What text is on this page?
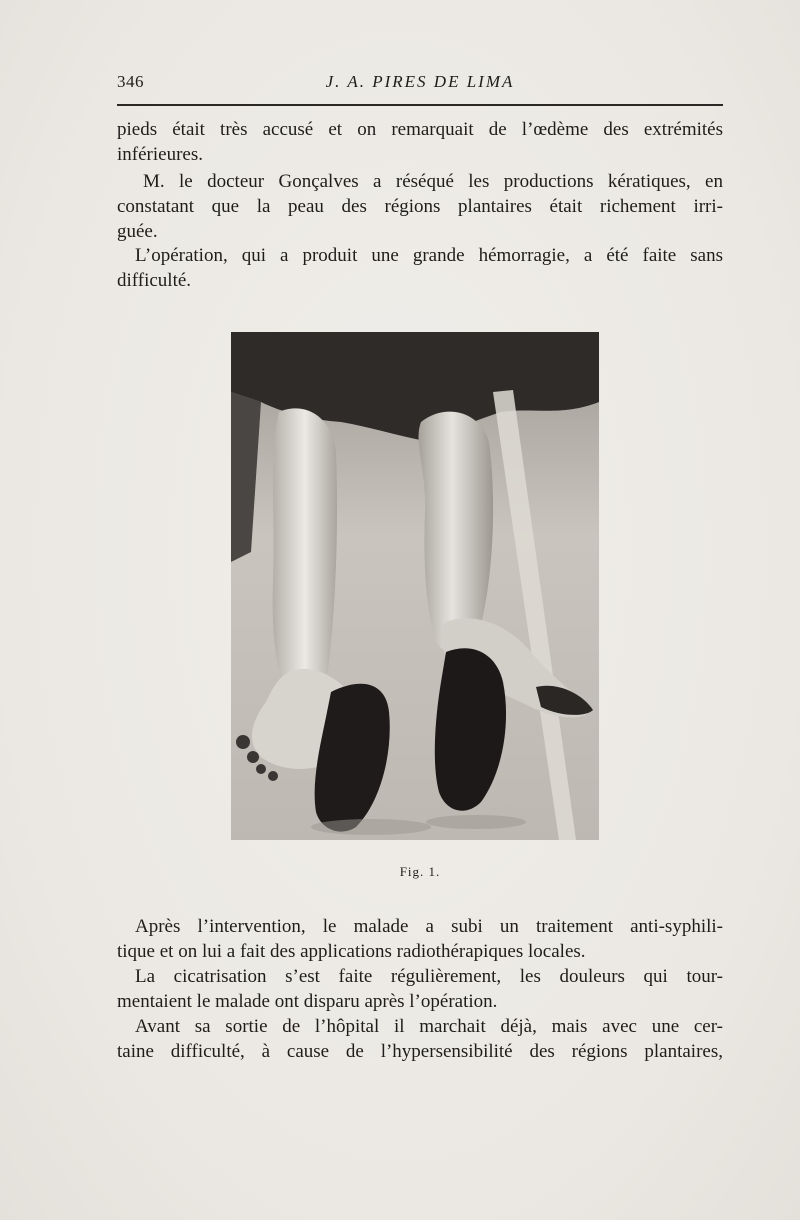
346	J. A. PIRES DE LIMA

pieds était très accusé et on remarquait de l’œdème des extrémités
inférieures.

M. le docteur Gonçalves a réséqué les productions kératiques, en
constatant que la peau des régions plantaires était richement irri-
guée.

L’opération, qui a produit une grande hémorragie, a été faite sans
difficulté.

Fig. 1.

Après l’intervention, le malade a subi un traitement anti-syphili-
tique et on lui a fait des applications radiothérapiques locales.

La cicatrisation s’est faite régulièrement, les douleurs qui tour-
mentaient le malade ont disparu après l’opération.

Avant sa sortie de l’hôpital il marchait déjà, mais avec une cer-
taine difficulté, à cause de l’hypersensibilité des régions plantaires,
